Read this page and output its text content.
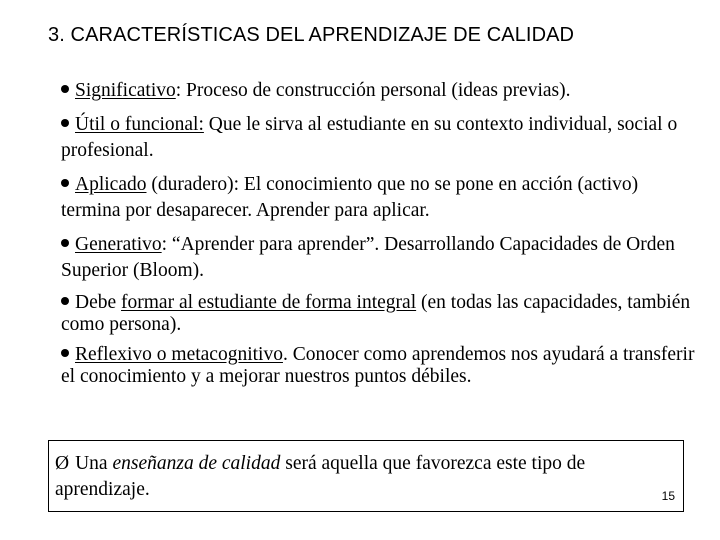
3. CARACTERÍSTICAS DEL APRENDIZAJE DE CALIDAD
Significativo: Proceso de construcción personal (ideas previas).
Útil o funcional: Que le sirva al estudiante en su contexto individual, social o profesional.
Aplicado (duradero): El conocimiento que no se pone en acción (activo) termina por desaparecer. Aprender para aplicar.
Generativo: “Aprender para aprender”. Desarrollando Capacidades de Orden Superior (Bloom).
Debe formar al estudiante de forma integral (en todas las capacidades, también como persona).
Reflexivo o metacognitivo. Conocer como aprendemos nos ayudará a transferir el conocimiento y a mejorar nuestros puntos débiles.
Ø Una enseñanza de calidad será aquella que favorezca este tipo de aprendizaje.	15
